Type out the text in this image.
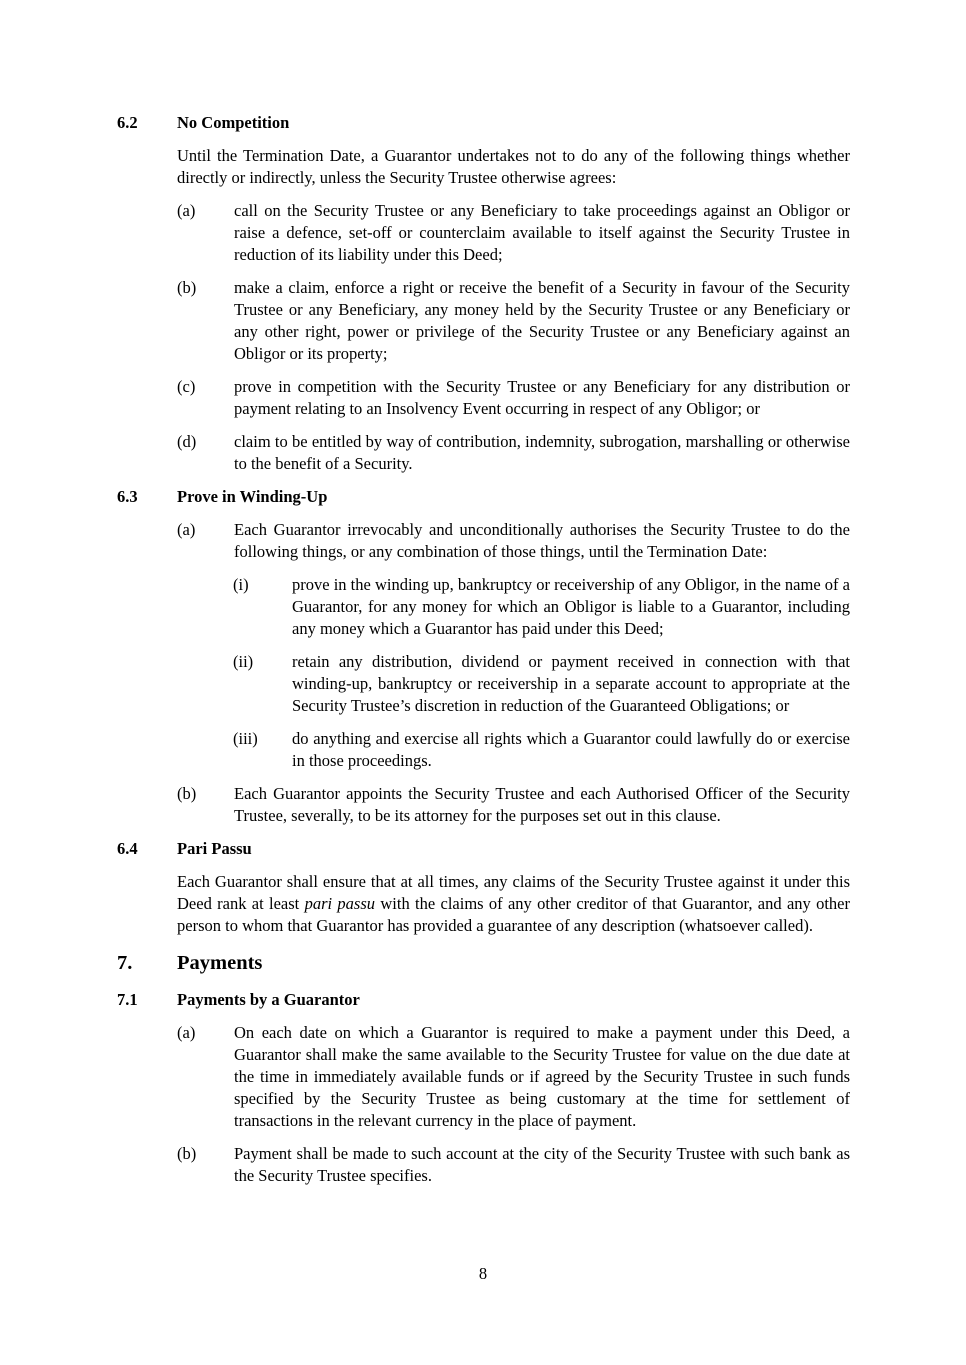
6.2	No Competition

Until the Termination Date, a Guarantor undertakes not to do any of the following things whether directly or indirectly, unless the Security Trustee otherwise agrees:

(a)	call on the Security Trustee or any Beneficiary to take proceedings against an Obligor or raise a defence, set-off or counterclaim available to itself against the Security Trustee in reduction of its liability under this Deed;
(b)	make a claim, enforce a right or receive the benefit of a Security in favour of the Security Trustee or any Beneficiary, any money held by the Security Trustee or any Beneficiary or any other right, power or privilege of the Security Trustee or any Beneficiary against an Obligor or its property;
(c)	prove in competition with the Security Trustee or any Beneficiary for any distribution or payment relating to an Insolvency Event occurring in respect of any Obligor; or
(d)	claim to be entitled by way of contribution, indemnity, subrogation, marshalling or otherwise to the benefit of a Security.
6.3	Prove in Winding-Up
(a)	Each Guarantor irrevocably and unconditionally authorises the Security Trustee to do the following things, or any combination of those things, until the Termination Date:
(i)	prove in the winding up, bankruptcy or receivership of any Obligor, in the name of a Guarantor, for any money for which an Obligor is liable to a Guarantor, including any money which a Guarantor has paid under this Deed;
(ii)	retain any distribution, dividend or payment received in connection with that winding-up, bankruptcy or receivership in a separate account to appropriate at the Security Trustee’s discretion in reduction of the Guaranteed Obligations; or
(iii)	do anything and exercise all rights which a Guarantor could lawfully do or exercise in those proceedings.
(b)	Each Guarantor appoints the Security Trustee and each Authorised Officer of the Security Trustee, severally, to be its attorney for the purposes set out in this clause.
6.4	Pari Passu

Each Guarantor shall ensure that at all times, any claims of the Security Trustee against it under this Deed rank at least pari passu with the claims of any other creditor of that Guarantor, and any other person to whom that Guarantor has provided a guarantee of any description (whatsoever called).

7.	Payments
7.1	Payments by a Guarantor
(a)	On each date on which a Guarantor is required to make a payment under this Deed, a Guarantor shall make the same available to the Security Trustee for value on the due date at the time in immediately available funds or if agreed by the Security Trustee in such funds specified by the Security Trustee as being customary at the time for settlement of transactions in the relevant currency in the place of payment.
(b)	Payment shall be made to such account at the city of the Security Trustee with such bank as the Security Trustee specifies.
8
